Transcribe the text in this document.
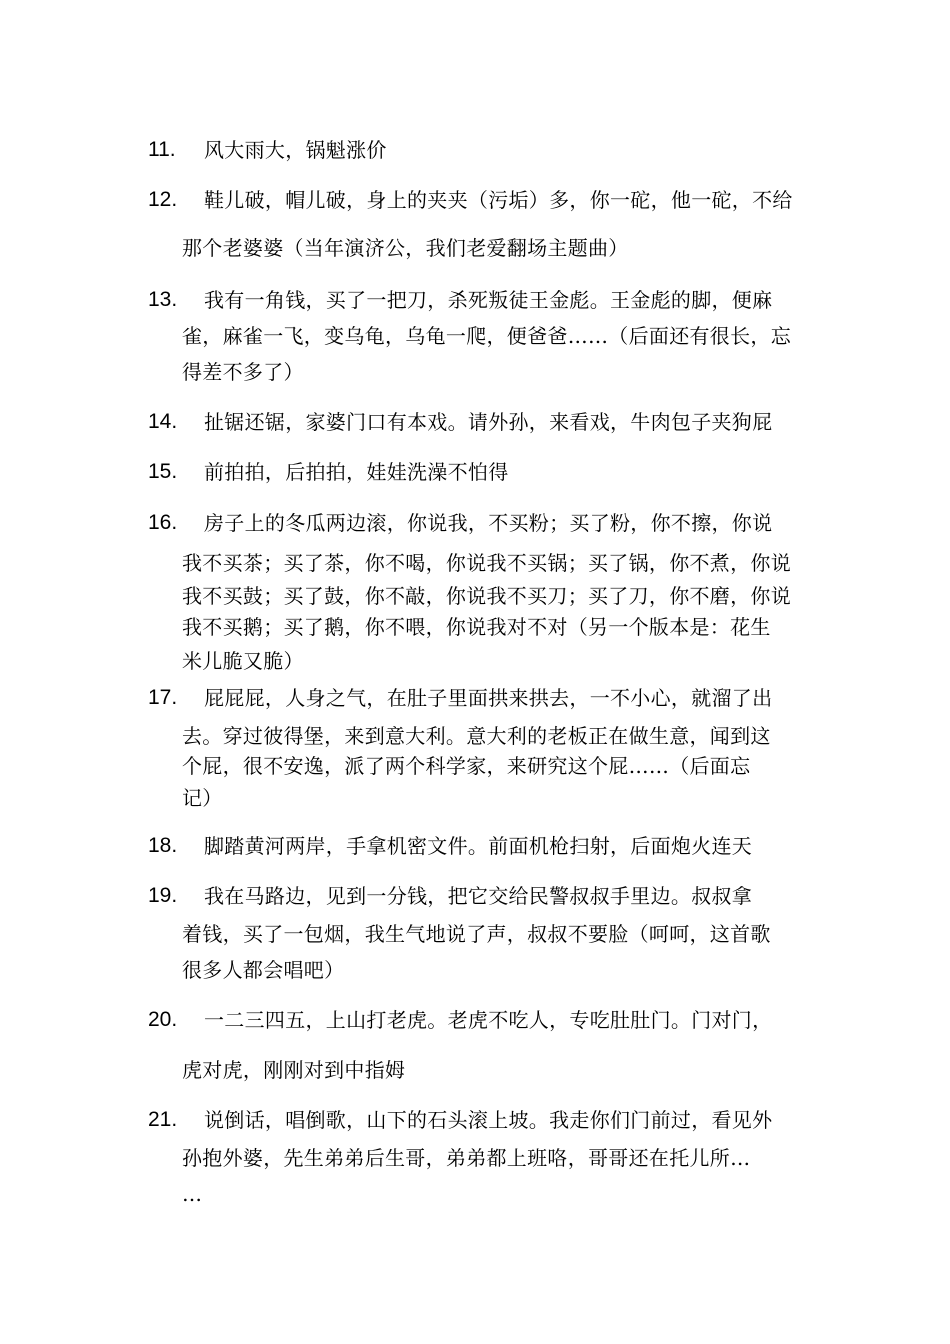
11.	风大雨大，锅魁涨价
12.	鞋儿破，帽儿破，身上的夹夹（污垢）多，你一砣，他一砣，不给
那个老婆婆（当年演济公，我们老爱翻场主题曲）
13.	我有一角钱，买了一把刀，杀死叛徒王金彪。王金彪的脚，便麻
雀，麻雀一飞，变乌龟，乌龟一爬，便爸爸……（后面还有很长，忘
得差不多了）
14.	扯锯还锯，家婆门口有本戏。请外孙，来看戏，牛肉包子夹狗屁
15.	前拍拍，后拍拍，娃娃洗澡不怕得
16.	房子上的冬瓜两边滚，你说我，不买粉；买了粉，你不擦，你说
我不买茶；买了茶，你不喝，你说我不买锅；买了锅，你不煮，你说
我不买鼓；买了鼓，你不敲，你说我不买刀；买了刀，你不磨，你说
我不买鹅；买了鹅，你不喂，你说我对不对（另一个版本是：花生
米儿脆又脆）
17.	屁屁屁，人身之气，在肚子里面拱来拱去，一不小心，就溜了出
去。穿过彼得堡，来到意大利。意大利的老板正在做生意，闻到这
个屁，很不安逸，派了两个科学家，来研究这个屁……（后面忘
记）
18.	脚踏黄河两岸，手拿机密文件。前面机枪扫射，后面炮火连天
19.	我在马路边，见到一分钱，把它交给民警叔叔手里边。叔叔拿
着钱，买了一包烟，我生气地说了声，叔叔不要脸（呵呵，这首歌
很多人都会唱吧）
20.	一二三四五，上山打老虎。老虎不吃人，专吃肚肚门。门对门，
虎对虎，刚刚对到中指姆
21.	说倒话，唱倒歌，山下的石头滚上坡。我走你们门前过，看见外
孙抱外婆，先生弟弟后生哥，弟弟都上班咯，哥哥还在托儿所…
…
